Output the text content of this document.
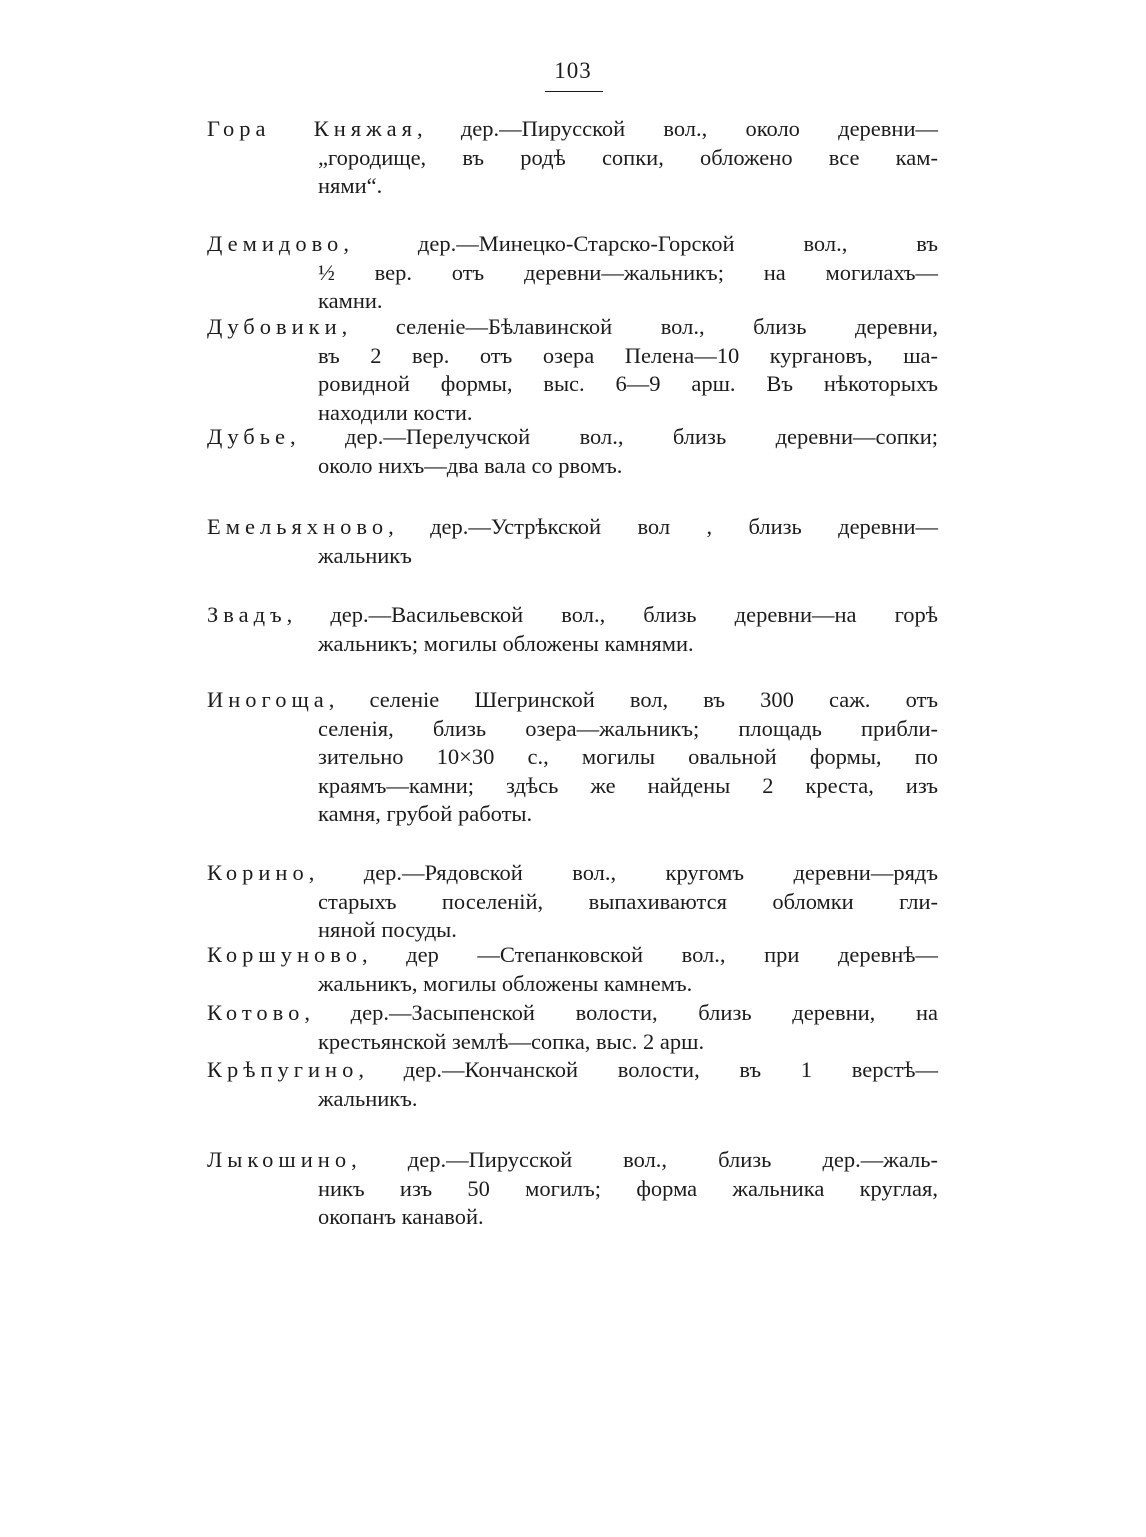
103
Гора Княжая, дер.—Пирусской вол., около деревни—
„городище, въ родѣ сопки, обложено все кам-
нями“.
Демидово, дер.—Минецко-Старско-Горской вол., въ
½ вер. отъ деревни—жальникъ; на могилахъ—
камни.
Дубовики, селеніе—Бѣлавинской вол., близь деревни,
въ 2 вер. отъ озера Пелена—10 кургановъ, ша-
ровидной формы, выс. 6—9 арш. Въ нѣкоторыхъ
находили кости.
Дубье, дер.—Перелучской вол., близь деревни—сопки;
около нихъ—два вала со рвомъ.
Емельяхново, дер.—Устрѣкской вол , близь деревни—
жальникъ
Звадъ, дер.—Васильевской вол., близь деревни—на горѣ
жальникъ; могилы обложены камнями.
Иногоща, селеніе Шегринской вол, въ 300 саж. отъ
селенія, близь озера—жальникъ; площадь прибли-
зительно 10×30 с., могилы овальной формы, по
краямъ—камни; здѣсь же найдены 2 креста, изъ
камня, грубой работы.
Корино, дер.—Рядовской вол., кругомъ деревни—рядъ
старыхъ поселеній, выпахиваются обломки гли-
няной посуды.
Коршуново, дер —Степанковской вол., при деревнѣ—
жальникъ, могилы обложены камнемъ.
Котово, дер.—Засыпенской волости, близь деревни, на
крестьянской землѣ—сопка, выс. 2 арш.
Крѣпугино, дер.—Кончанской волости, въ 1 верстѣ—
жальникъ.
Лыкошино, дер.—Пирусской вол., близь дер.—жаль-
никъ изъ 50 могилъ; форма жальника круглая,
окопанъ канавой.
